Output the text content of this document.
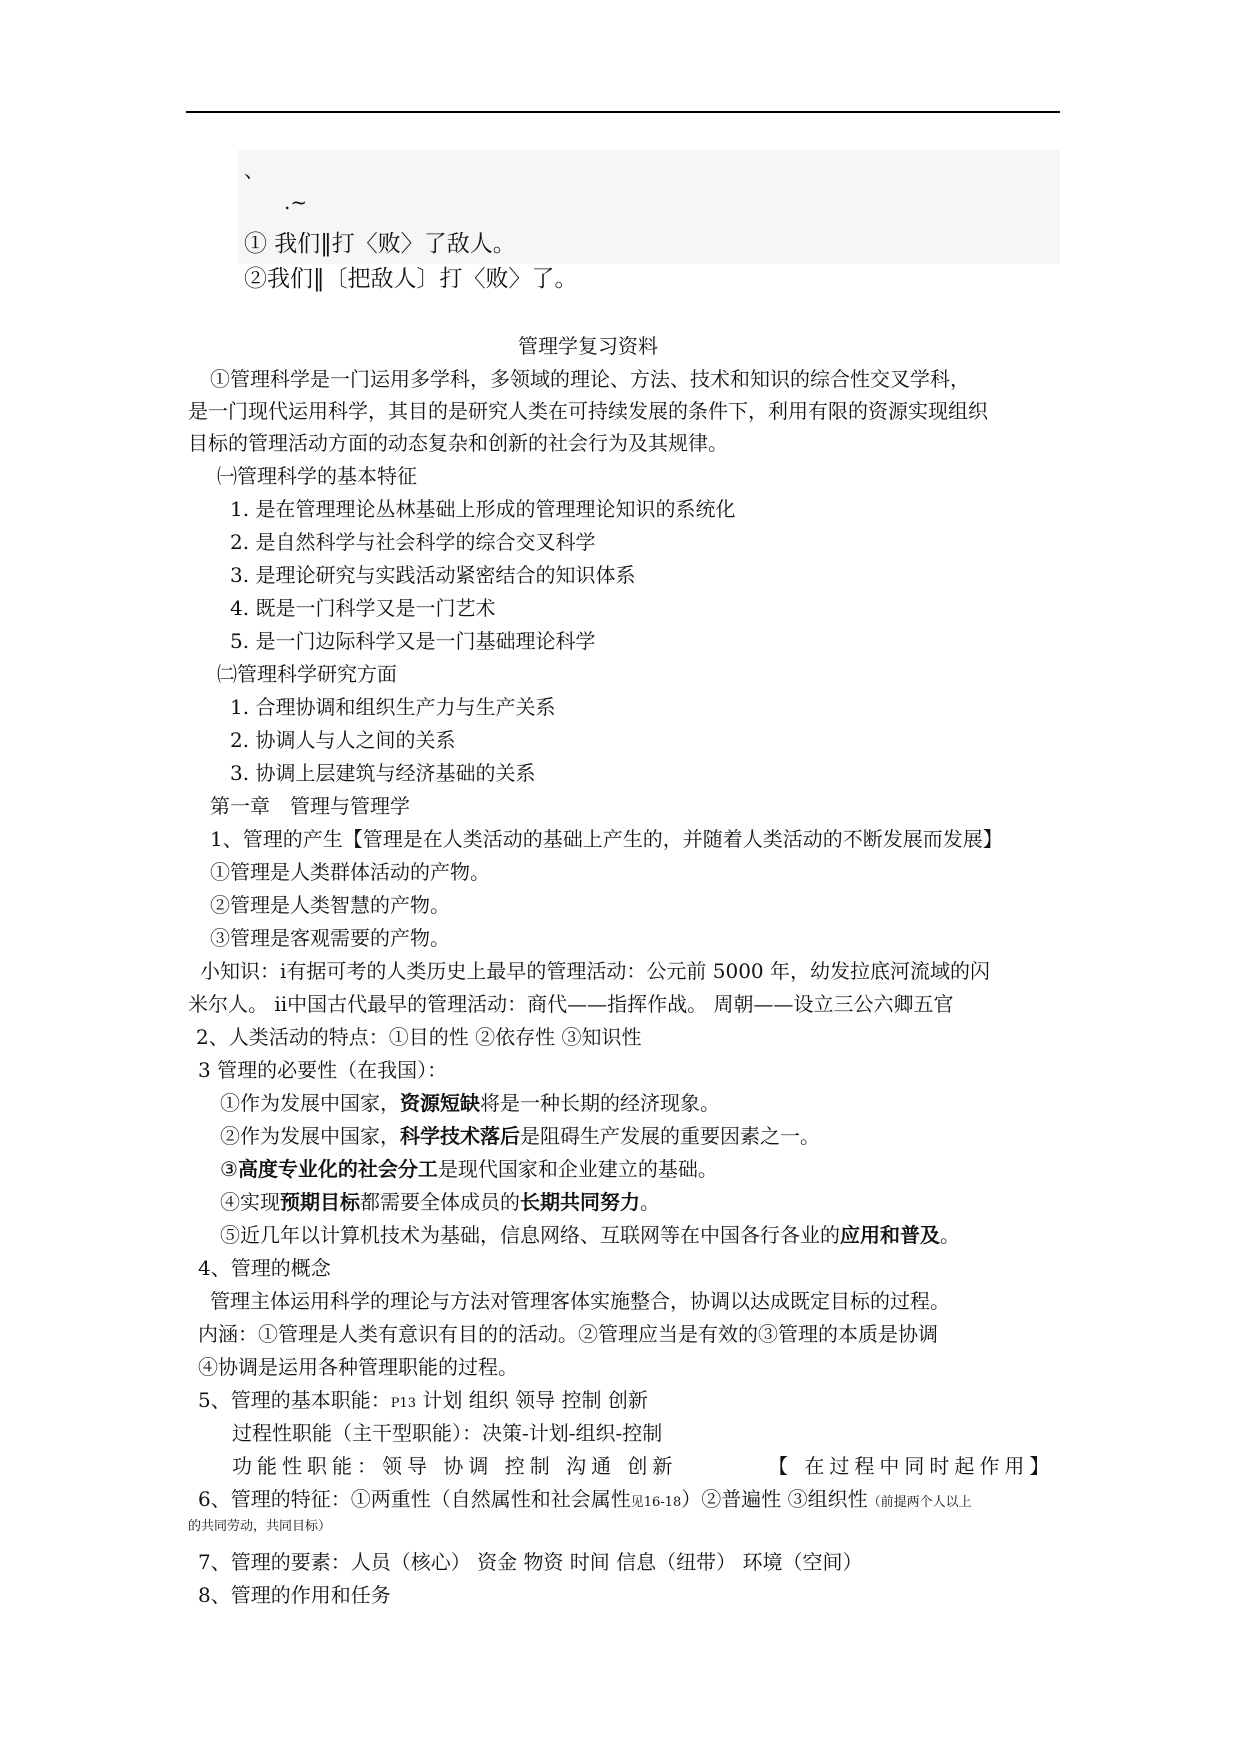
、
.~
① 我们‖打〈败〉了敌人。
②我们‖〔把敌人〕打〈败〉了。
管理学复习资料
①管理科学是一门运用多学科，多领域的理论、方法、技术和知识的综合性交叉学科，
是一门现代运用科学，其目的是研究人类在可持续发展的条件下，利用有限的资源实现组织
目标的管理活动方面的动态复杂和创新的社会行为及其规律。
㈠管理科学的基本特征
1. 是在管理理论丛林基础上形成的管理理论知识的系统化
2. 是自然科学与社会科学的综合交叉科学
3. 是理论研究与实践活动紧密结合的知识体系
4. 既是一门科学又是一门艺术
5. 是一门边际科学又是一门基础理论科学
㈡管理科学研究方面
1. 合理协调和组织生产力与生产关系
2. 协调人与人之间的关系
3. 协调上层建筑与经济基础的关系
第一章　管理与管理学
1、管理的产生【管理是在人类活动的基础上产生的，并随着人类活动的不断发展而发展】
①管理是人类群体活动的产物。
②管理是人类智慧的产物。
③管理是客观需要的产物。
小知识：ⅰ有据可考的人类历史上最早的管理活动：公元前 5000 年，幼发拉底河流域的闪
米尔人。 ⅱ中国古代最早的管理活动：商代——指挥作战。 周朝——设立三公六卿五官
2、人类活动的特点：①目的性 ②依存性 ③知识性
3 管理的必要性（在我国）：
①作为发展中国家，资源短缺将是一种长期的经济现象。
②作为发展中国家，科学技术落后是阻碍生产发展的重要因素之一。
③高度专业化的社会分工是现代国家和企业建立的基础。
④实现预期目标都需要全体成员的长期共同努力。
⑤近几年以计算机技术为基础，信息网络、互联网等在中国各行各业的应用和普及。
4、管理的概念
管理主体运用科学的理论与方法对管理客体实施整合，协调以达成既定目标的过程。
内涵：①管理是人类有意识有目的的活动。②管理应当是有效的③管理的本质是协调
④协调是运用各种管理职能的过程。
5、管理的基本职能：P13 计划 组织 领导 控制 创新
过程性职能（主干型职能）：决策-计划-组织-控制
功能性职能：领导 协调 控制 沟通 创新	【 在过程中同时起作用】
6、管理的特征：①两重性（自然属性和社会属性见16-18）②普遍性 ③组织性（前提两个人以上
的共同劳动，共同目标）
7、管理的要素：人员（核心） 资金 物资 时间 信息（纽带） 环境（空间）
8、管理的作用和任务
